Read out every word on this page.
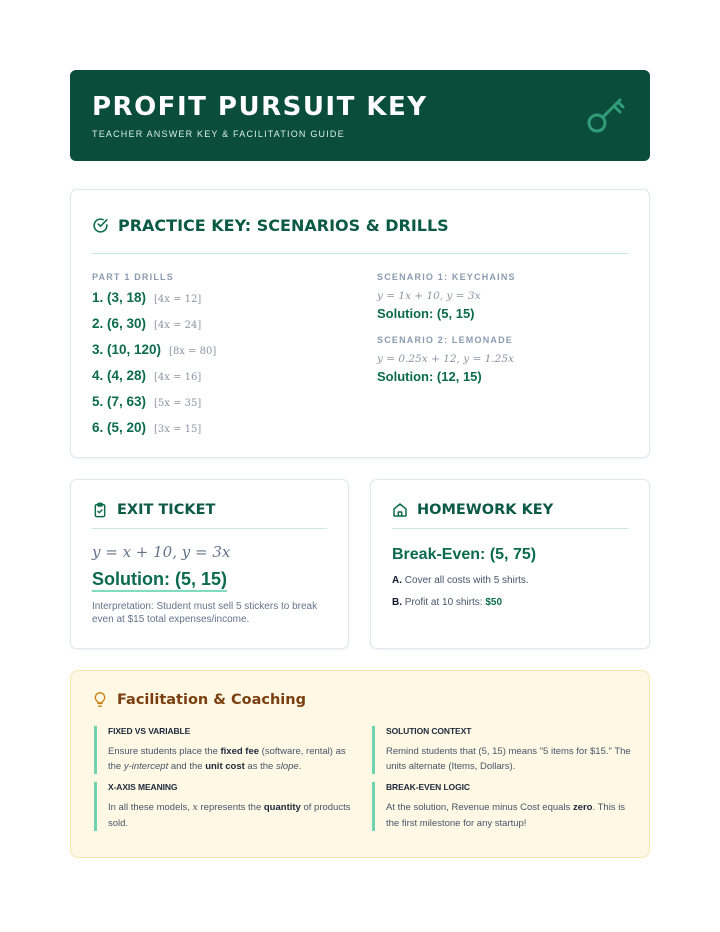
PROFIT PURSUIT KEY
TEACHER ANSWER KEY & FACILITATION GUIDE
PRACTICE KEY: SCENARIOS & DRILLS
PART 1 DRILLS
1. (3, 18) [4x = 12]
2. (6, 30) [4x = 24]
3. (10, 120) [8x = 80]
4. (4, 28) [4x = 16]
5. (7, 63) [5x = 35]
6. (5, 20) [3x = 15]
SCENARIO 1: KEYCHAINS
y = 1x + 10, y = 3x
Solution: (5, 15)
SCENARIO 2: LEMONADE
y = 0.25x + 12, y = 1.25x
Solution: (12, 15)
EXIT TICKET
y = x + 10, y = 3x
Solution: (5, 15)
Interpretation: Student must sell 5 stickers to break even at $15 total expenses/income.
HOMEWORK KEY
Break-Even: (5, 75)
A. Cover all costs with 5 shirts.
B. Profit at 10 shirts: $50
Facilitation & Coaching
FIXED VS VARIABLE
Ensure students place the fixed fee (software, rental) as the y-intercept and the unit cost as the slope.
SOLUTION CONTEXT
Remind students that (5, 15) means "5 items for $15." The units alternate (Items, Dollars).
X-AXIS MEANING
In all these models, x represents the quantity of products sold.
BREAK-EVEN LOGIC
At the solution, Revenue minus Cost equals zero. This is the first milestone for any startup!
